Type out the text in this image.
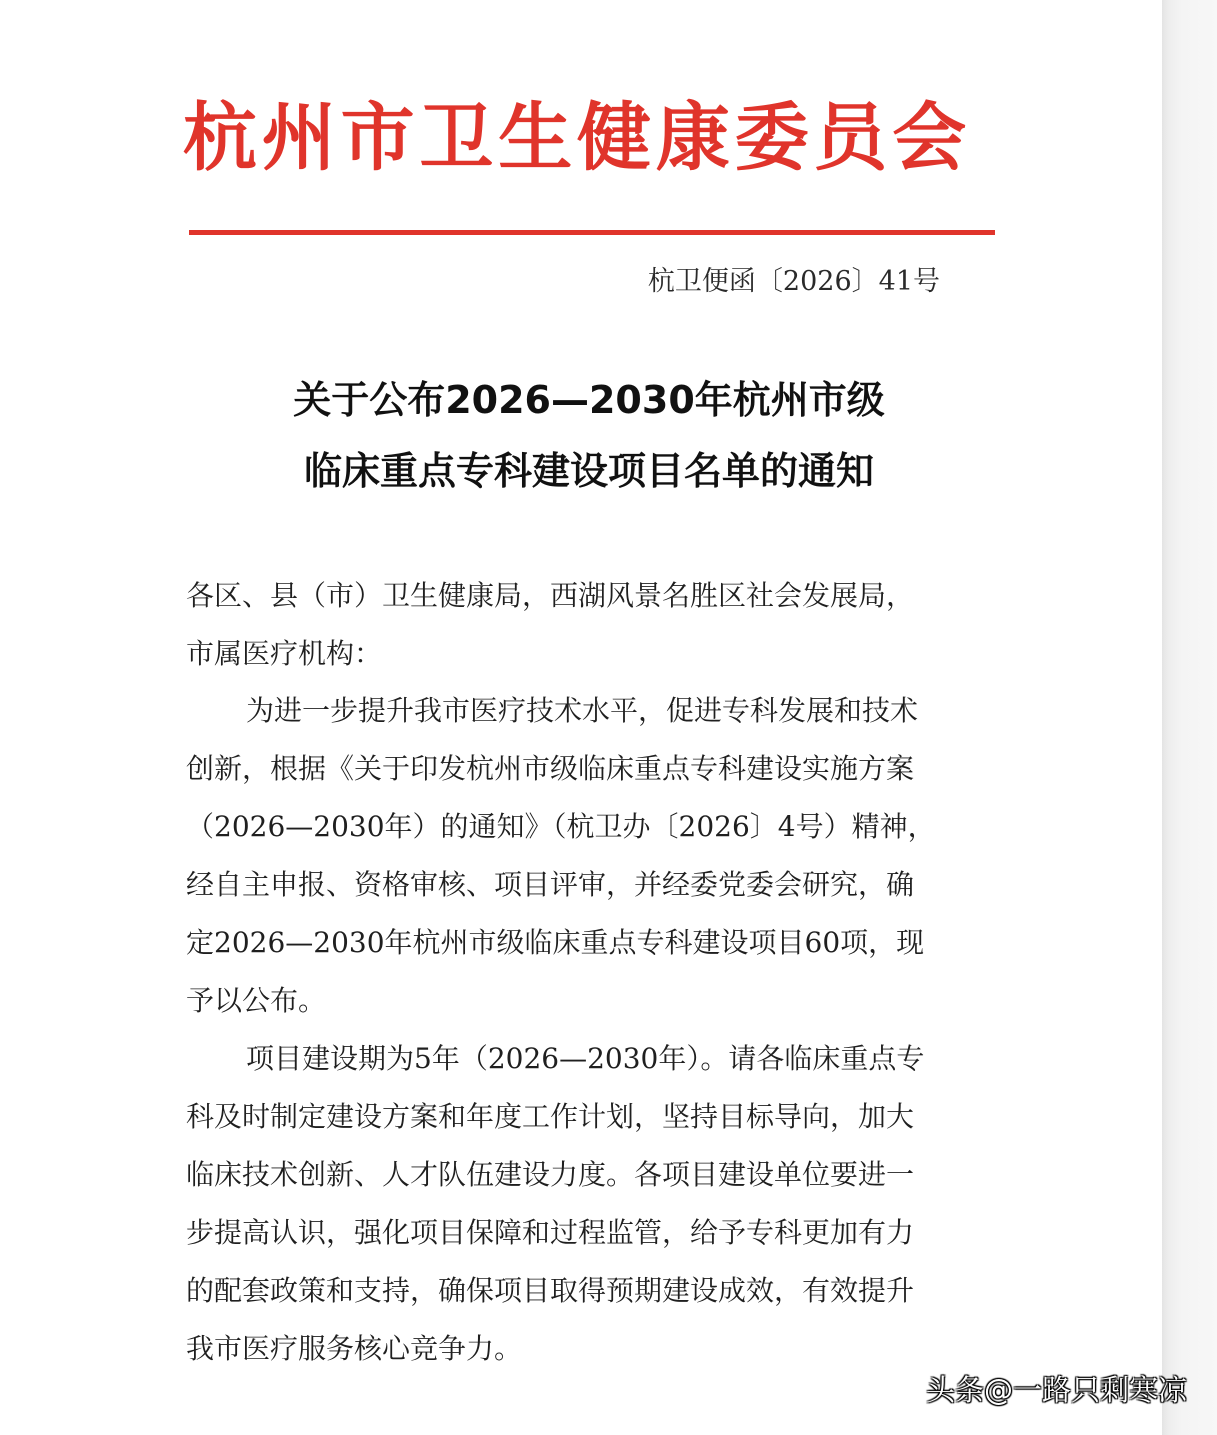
杭州市卫生健康委员会
杭卫便函〔2026〕41号
关于公布2026—2030年杭州市级
临床重点专科建设项目名单的通知
各区、县（市）卫生健康局，西湖风景名胜区社会发展局，
市属医疗机构：
为进一步提升我市医疗技术水平，促进专科发展和技术
创新，根据《关于印发杭州市级临床重点专科建设实施方案
（2026—2030年）的通知》（杭卫办〔2026〕4号）精神，
经自主申报、资格审核、项目评审，并经委党委会研究，确
定2026—2030年杭州市级临床重点专科建设项目60项，现
予以公布。
项目建设期为5年（2026—2030年）。请各临床重点专
科及时制定建设方案和年度工作计划，坚持目标导向，加大
临床技术创新、人才队伍建设力度。各项目建设单位要进一
步提高认识，强化项目保障和过程监管，给予专科更加有力
的配套政策和支持，确保项目取得预期建设成效，有效提升
我市医疗服务核心竞争力。
头条@一路只剩寒凉
